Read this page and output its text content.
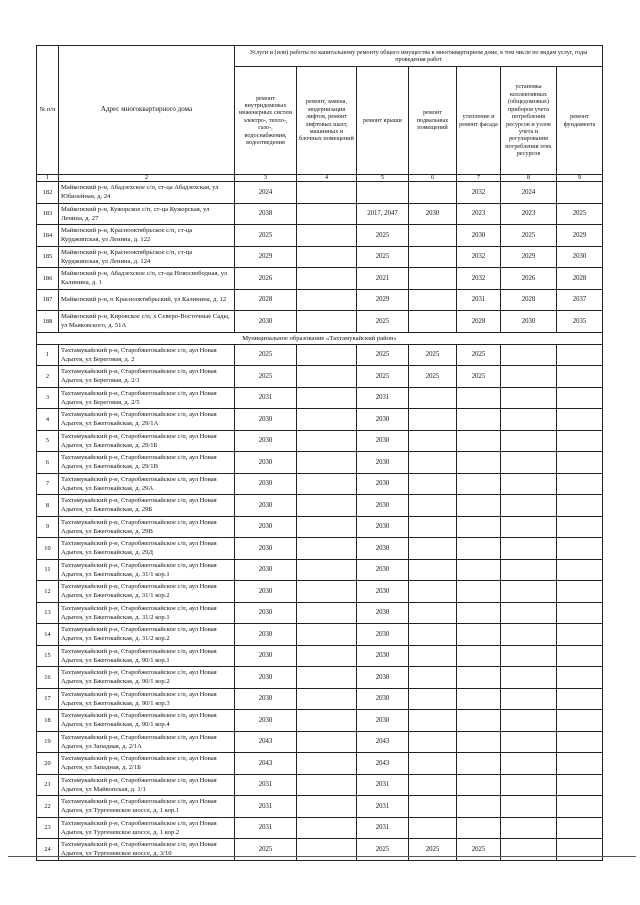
№ п/п	Адрес многоквартирного дома	Услуги и (или) работы по капитальному ремонту общего имущества в многоквартирном доме, в том числе по видам услуг, годы проведения работ						
		ремонт внутридомовых инженерных систем электро-, тепло-, газо-, водоснабжения, водоотведения	ремонт, замена, модернизация лифтов, ремонт лифтовых шахт, машинных и блочных помещений	ремонт крыши	ремонт подвальных помещений	утепление и ремонт фасада	установка коллективных (общедомовых) приборов учета потребления ресурсов и узлов учета и регулирования потребления этих ресурсов	ремонт фундамента
1	2	3	4	5	6	7	8	9
182	Майкопский р-н, Абадзехское с/п, ст-ца Абадзехская, ул Юбилейная, д. 24	2024				2032	2024	
183	Майкопский р-н, Кужорское с/п, ст-ца Кужорская, ул Ленина, д. 27	2038		2017, 2047	2030	2023	2023	2025
184	Майкопский р-н, Краснооктябрьское с/п, ст-ца Курджипская, ул Ленина, д. 122	2025		2025		2030	2025	2029
185	Майкопский р-н, Краснооктябрьское с/п, ст-ца Курджипская, ул Ленина, д. 124	2029		2025		2032	2029	2030
186	Майкопский р-н, Абадзехское с/п, ст-ца Новосвободная, ул Калинина, д. 1	2026		2021		2032	2026	2028
187	Майкопский р-н, п Краснооктябрьский, ул Калинина, д. 12	2028		2029		2031	2028	2037
188	Майкопский р-н, Кировское с/п, х Северо-Восточные Сады, ул Маяковского, д. 51А	2030		2025		2028	2030	2035
Муниципальное образование «Тахтамукайский район»								
1	Тахтамукайский р-н, Старобжегокайское с/п, аул Новая Адыгея, ул Береговая, д. 2	2025		2025	2025	2025		
2	Тахтамукайский р-н, Старобжегокайское с/п, аул Новая Адыгея, ул Береговая, д. 2/3	2025		2025	2025	2025		
3	Тахтамукайский р-н, Старобжегокайское с/п, аул Новая Адыгея, ул Береговая, д. 2/5	2031		2031				
4	Тахтамукайский р-н, Старобжегокайское с/п, аул Новая Адыгея, ул Бжегокайская, д. 29/1А	2030		2030				
5	Тахтамукайский р-н, Старобжегокайское с/п, аул Новая Адыгея, ул Бжегокайская, д. 29/1Б	2030		2030				
6	Тахтамукайский р-н, Старобжегокайское с/п, аул Новая Адыгея, ул Бжегокайская, д. 29/1В	2030		2030				
7	Тахтамукайский р-н, Старобжегокайское с/п, аул Новая Адыгея, ул Бжегокайская, д. 29А	2030		2030				
8	Тахтамукайский р-н, Старобжегокайское с/п, аул Новая Адыгея, ул Бжегокайская, д. 29Б	2030		2030				
9	Тахтамукайский р-н, Старобжегокайское с/п, аул Новая Адыгея, ул Бжегокайская, д. 29В	2030		2030				
10	Тахтамукайский р-н, Старобжегокайское с/п, аул Новая Адыгея, ул Бжегокайская, д. 29Д	2030		2030				
11	Тахтамукайский р-н, Старобжегокайское с/п, аул Новая Адыгея, ул Бжегокайская, д. 31/1 кор.1	2030		2030				
12	Тахтамукайский р-н, Старобжегокайское с/п, аул Новая Адыгея, ул Бжегокайская, д. 31/1 кор.2	2030		2030				
13	Тахтамукайский р-н, Старобжегокайское с/п, аул Новая Адыгея, ул Бжегокайская, д. 31/2 кор.1	2030		2030				
14	Тахтамукайский р-н, Старобжегокайское с/п, аул Новая Адыгея, ул Бжегокайская, д. 31/2 кор.2	2030		2030				
15	Тахтамукайский р-н, Старобжегокайское с/п, аул Новая Адыгея, ул Бжегокайская, д. 90/1 кор.1	2030		2030				
16	Тахтамукайский р-н, Старобжегокайское с/п, аул Новая Адыгея, ул Бжегокайская, д. 90/1 кор.2	2030		2030				
17	Тахтамукайский р-н, Старобжегокайское с/п, аул Новая Адыгея, ул Бжегокайская, д. 90/1 кор.3	2030		2030				
18	Тахтамукайский р-н, Старобжегокайское с/п, аул Новая Адыгея, ул Бжегокайская, д. 90/1 кор.4	2030		2030				
19	Тахтамукайский р-н, Старобжегокайское с/п, аул Новая Адыгея, ул Западная, д. 2/1А	2043		2043				
20	Тахтамукайский р-н, Старобжегокайское с/п, аул Новая Адыгея, ул Западная, д. 2/1Б	2043		2043				
21	Тахтамукайский р-н, Старобжегокайское с/п, аул Новая Адыгея, ул Майкопская, д. 1/1	2031		2031				
22	Тахтамукайский р-н, Старобжегокайское с/п, аул Новая Адыгея, ул Тургеневское шоссе, д. 1 кор.1	2031		2031				
23	Тахтамукайский р-н, Старобжегокайское с/п, аул Новая Адыгея, ул Тургеневское шоссе, д. 1 кор.2	2031		2031				
24	Тахтамукайский р-н, Старобжегокайское с/п, аул Новая Адыгея, ул Тургеневское шоссе, д. 3/10	2025		2025	2025	2025		
